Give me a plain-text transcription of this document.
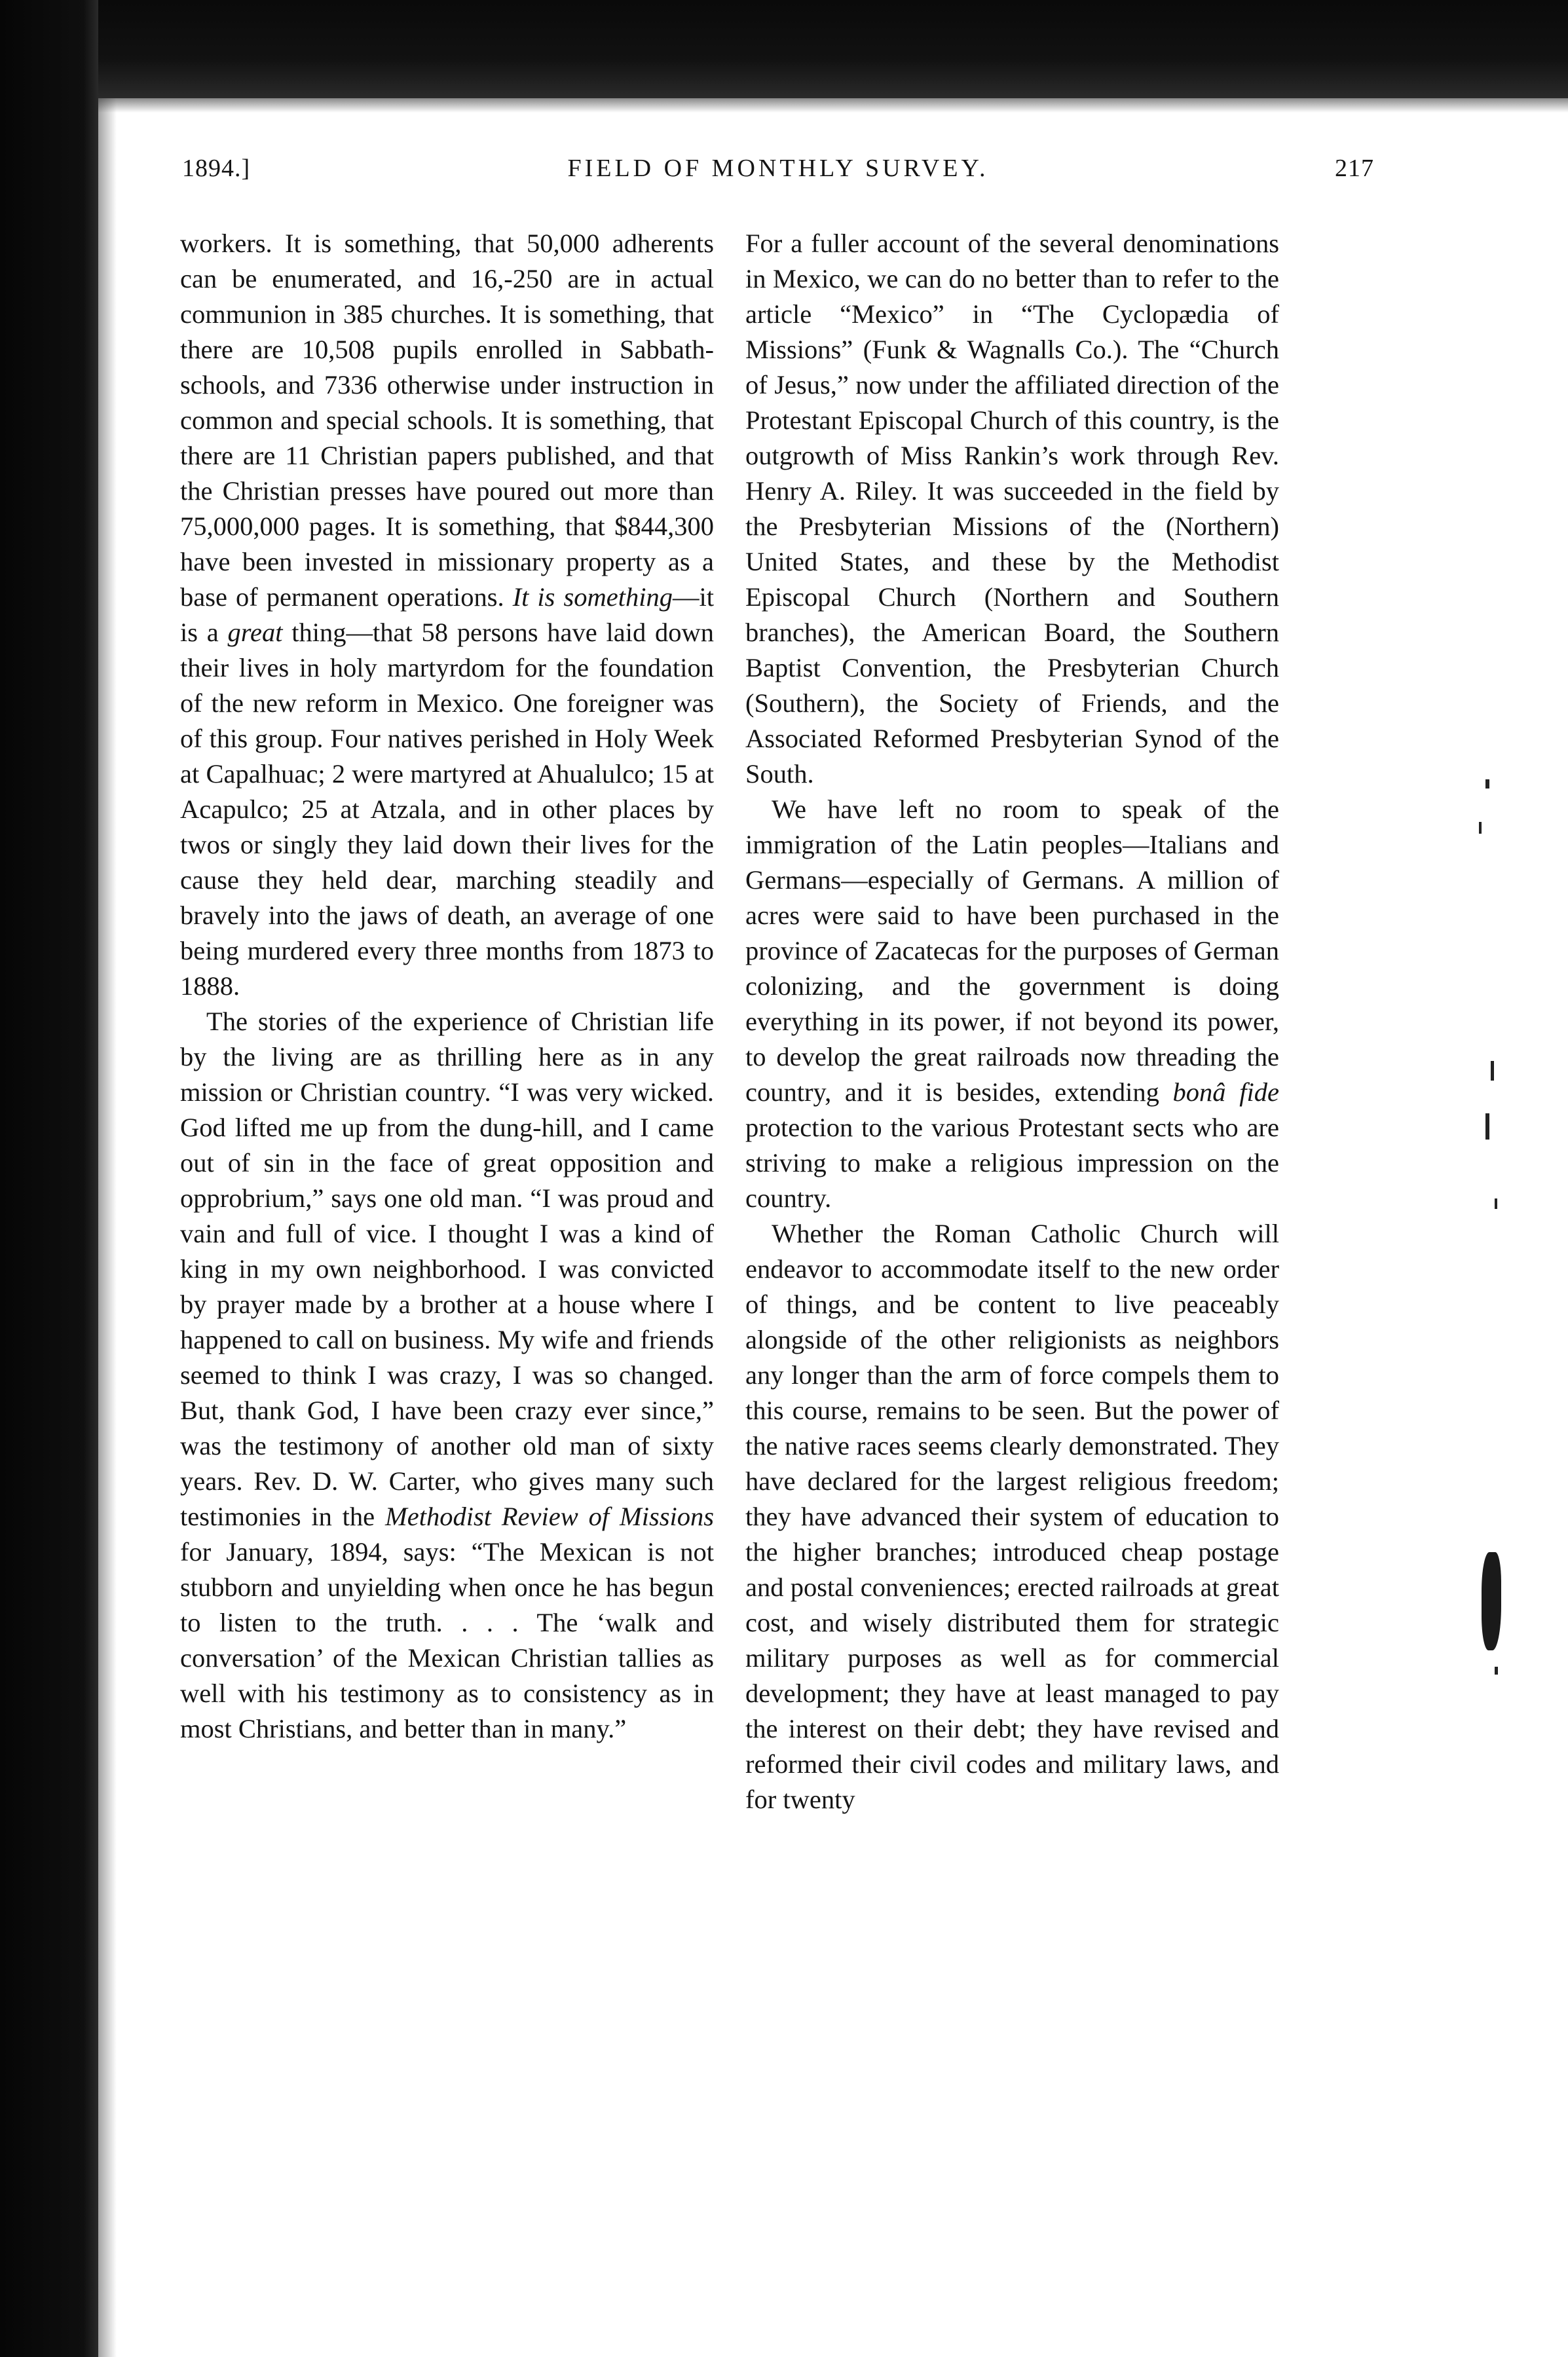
1894.]	FIELD OF MONTHLY SURVEY.	217

workers. It is something, that 50,000 adherents can be enumerated, and 16,-250 are in actual communion in 385 churches. It is something, that there are 10,508 pupils enrolled in Sabbath-schools, and 7336 otherwise under instruction in common and special schools. It is something, that there are 11 Christian papers published, and that the Christian presses have poured out more than 75,000,000 pages. It is something, that $844,300 have been invested in missionary property as a base of permanent operations. It is something—it is a great thing—that 58 persons have laid down their lives in holy martyrdom for the foundation of the new reform in Mexico. One foreigner was of this group. Four natives perished in Holy Week at Capalhuac; 2 were martyred at Ahualulco; 15 at Acapulco; 25 at Atzala, and in other places by twos or singly they laid down their lives for the cause they held dear, marching steadily and bravely into the jaws of death, an average of one being murdered every three months from 1873 to 1888.

The stories of the experience of Christian life by the living are as thrilling here as in any mission or Christian country. “I was very wicked. God lifted me up from the dung-hill, and I came out of sin in the face of great opposition and opprobrium,” says one old man. “I was proud and vain and full of vice. I thought I was a kind of king in my own neighborhood. I was convicted by prayer made by a brother at a house where I happened to call on business. My wife and friends seemed to think I was crazy, I was so changed. But, thank God, I have been crazy ever since,” was the testimony of another old man of sixty years. Rev. D. W. Carter, who gives many such testimonies in the Methodist Review of Missions for January, 1894, says: “The Mexican is not stubborn and unyielding when once he has begun to listen to the truth. . . . The ‘walk and conversation’ of the Mexican Christian tallies as well with his testimony as to consistency as in most Christians, and better than in many.”

For a fuller account of the several denominations in Mexico, we can do no better than to refer to the article “Mexico” in “The Cyclopædia of Missions” (Funk & Wagnalls Co.). The “Church of Jesus,” now under the affiliated direction of the Protestant Episcopal Church of this country, is the outgrowth of Miss Rankin’s work through Rev. Henry A. Riley. It was succeeded in the field by the Presbyterian Missions of the (Northern) United States, and these by the Methodist Episcopal Church (Northern and Southern branches), the American Board, the Southern Baptist Convention, the Presbyterian Church (Southern), the Society of Friends, and the Associated Reformed Presbyterian Synod of the South.

We have left no room to speak of the immigration of the Latin peoples—Italians and Germans—especially of Germans. A million of acres were said to have been purchased in the province of Zacatecas for the purposes of German colonizing, and the government is doing everything in its power, if not beyond its power, to develop the great railroads now threading the country, and it is besides, extending bonâ fide protection to the various Protestant sects who are striving to make a religious impression on the country.

Whether the Roman Catholic Church will endeavor to accommodate itself to the new order of things, and be content to live peaceably alongside of the other religionists as neighbors any longer than the arm of force compels them to this course, remains to be seen. But the power of the native races seems clearly demonstrated. They have declared for the largest religious freedom; they have advanced their system of education to the higher branches; introduced cheap postage and postal conveniences; erected railroads at great cost, and wisely distributed them for strategic military purposes as well as for commercial development; they have at least managed to pay the interest on their debt; they have revised and reformed their civil codes and military laws, and for twenty
